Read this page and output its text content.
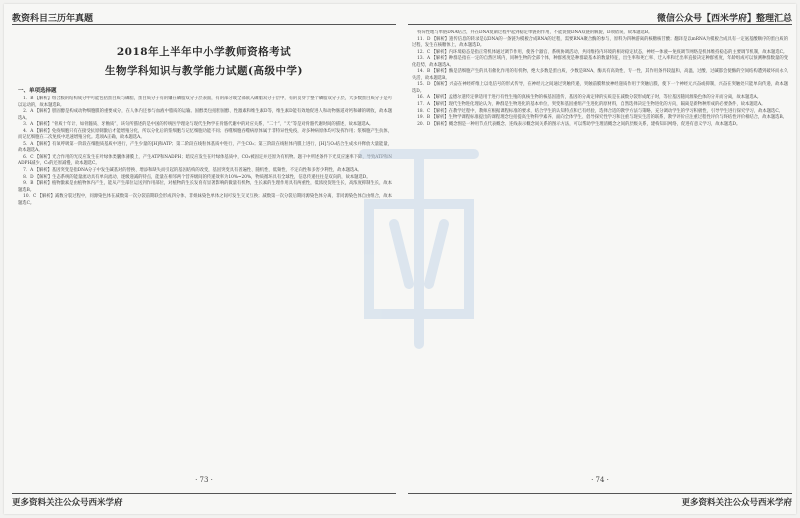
教资科目三历年真题
2018年上半年中小学教师资格考试
生物学科知识与教学能力试题(高级中学)
一、单项选择题

1．B 【解析】组合膜的结构成分中可能包括蛋白质与磷脂，蛋白质分子有的镶在磷脂双分子层表面，有的部分或全部嵌入磷脂双分子层中，有的贯穿于整个磷脂双分子层，大多数蛋白质分子是可以运动的，故本题选B。

2．A 【解析】胆固醇是构成动物细胞膜的重要成分，在人体内还参与血液中脂质的运输。固醇类包括胆固醇、性激素和维生素D等，维生素D能有效地促进人和动物肠道对钙和磷的吸收，故本题选A。

3．A 【解析】“骨质十年计、如骨髓质、牙釉质”，该句所描述的是中国的传统医学理论与现代生物学在骨骼代谢中的对应关系，“二十”、“天”等是对骨骼代谢时间的描述，故本题选A。

4．A 【解析】免疫细胞只有在接受抗原刺激后才能增殖分化，所以分化后的浆细胞与记忆细胞功能不同；吞噬细胞吞噬病原体属于非特异性免疫，对多种病原体均可发挥作用；浆细胞产生抗体，而记忆细胞在二次免疫中迅速增殖分化。选项A正确，故本题选A。

5．A 【解析】有氧呼吸第一阶段在细胞质基质中进行，产生少量的[H]和ATP；第二阶段在线粒体基质中进行，产生CO₂；第三阶段在线粒体内膜上进行，[H]与O₂结合生成水并释放大量能量，故本题选A。

6．C 【解析】光合作用的光反应发生在叶绿体类囊体薄膜上，产生ATP和NADPH；暗反应发生在叶绿体基质中，CO₂被固定并还原为有机物。题干中所述条件下光反应速率下降，导致ATP和NADPH减少，C₃的还原减慢，故本题选C。

7．A 【解析】基因突变是指DNA分子中发生碱基对的替换、增添和缺失而引起的基因结构的改变，基因突变具有普遍性、随机性、低频性、不定向性和多害少利性，故本题选A。

8．D 【解析】生态系统的能量流动具有单向流动、逐级递减的特点，能量在相邻两个营养级间的传递效率为10%~20%，物质循环具有全球性，信息传递往往是双向的，故本题选D。

9．B 【解析】植物激素是由植物体内产生，能从产生部位运送到作用部位，对植物的生长发育有显著影响的微量有机物，生长素的生理作用具有两重性，低浓度促进生长，高浓度抑制生长，故本题选B。

10．C 【解析】减数分裂过程中，同源染色体在减数第一次分裂前期联会形成四分体，非姐妹染色单体之间可发生交叉互换；减数第一次分裂后期同源染色体分离，非同源染色体自由组合，故本题选C。

· 73 ·
更多资料关注公众号西米学府
微信公众号【西米学府】整理汇总

特异性地与单链DNA结合，并在DNA复制过程中起到稳定单链的作用，不能促使DNA双链的解旋，D项错误，故本题选B。

11．D 【解析】遗传信息的转录是以DNA的一条链为模板合成RNA的过程，需要RNA聚合酶的参与，原料为四种游离的核糖核苷酸；翻译是以mRNA为模板合成具有一定氨基酸顺序的蛋白质的过程，发生在核糖体上，故本题选D。

12．C 【解析】内环境稳态是指正常机体通过调节作用，使各个器官、系统协调活动，共同维持内环境的相对稳定状态，神经—体液—免疫调节网络是机体维持稳态的主要调节机制，故本题选C。

13．A 【解析】种群是指在一定的自然区域内，同种生物的全部个体，种群密度是种群最基本的数量特征，出生率和死亡率、迁入率和迁出率直接决定种群密度，年龄组成可以预测种群数量的变化趋势，故本题选A。

14．B 【解析】酶是活细胞产生的具有催化作用的有机物，绝大多数是蛋白质，少数是RNA，酶具有高效性、专一性，其作用条件较温和，高温、过酸、过碱都会使酶的空间结构遭到破坏而永久失活，故本题选B。

15．D 【解析】兴奋在神经纤维上以电信号的形式传导，在神经元之间通过突触传递，突触前膜释放神经递质作用于突触后膜，使下一个神经元兴奋或抑制，兴奋在突触处只能单向传递，故本题选D。

16．A 【解析】孟德尔遗传定律适用于进行有性生殖的真核生物的核基因遗传，基因的分离定律的实质是在减数分裂形成配子时，等位基因随同源染色体的分开而分离，故本题选A。

17．A 【解析】现代生物进化理论认为，种群是生物进化的基本单位，突变和基因重组产生进化的原材料，自然选择决定生物进化的方向，隔离是新物种形成的必要条件，故本题选A。

18．C 【解析】在教学过程中，教师应根据课程标准的要求，结合学生的认知特点和已有经验，选择合适的教学方法与策略，充分调动学生的学习积极性，引导学生进行探究学习，故本题选C。

19．B 【解析】生物学课程标准提出的课程理念包括提高生物科学素养、面向全体学生、倡导探究性学习和注重与现实生活的联系，教学评价应注重过程性评价与终结性评价相结合，故本题选B。

20．D 【解析】概念图是一种用节点代表概念、连线表示概念间关系的图示方法，可以帮助学生理清概念之间的层级关系，建构知识网络，促进有意义学习，故本题选D。

· 74 ·
更多资料关注公众号西米学府
